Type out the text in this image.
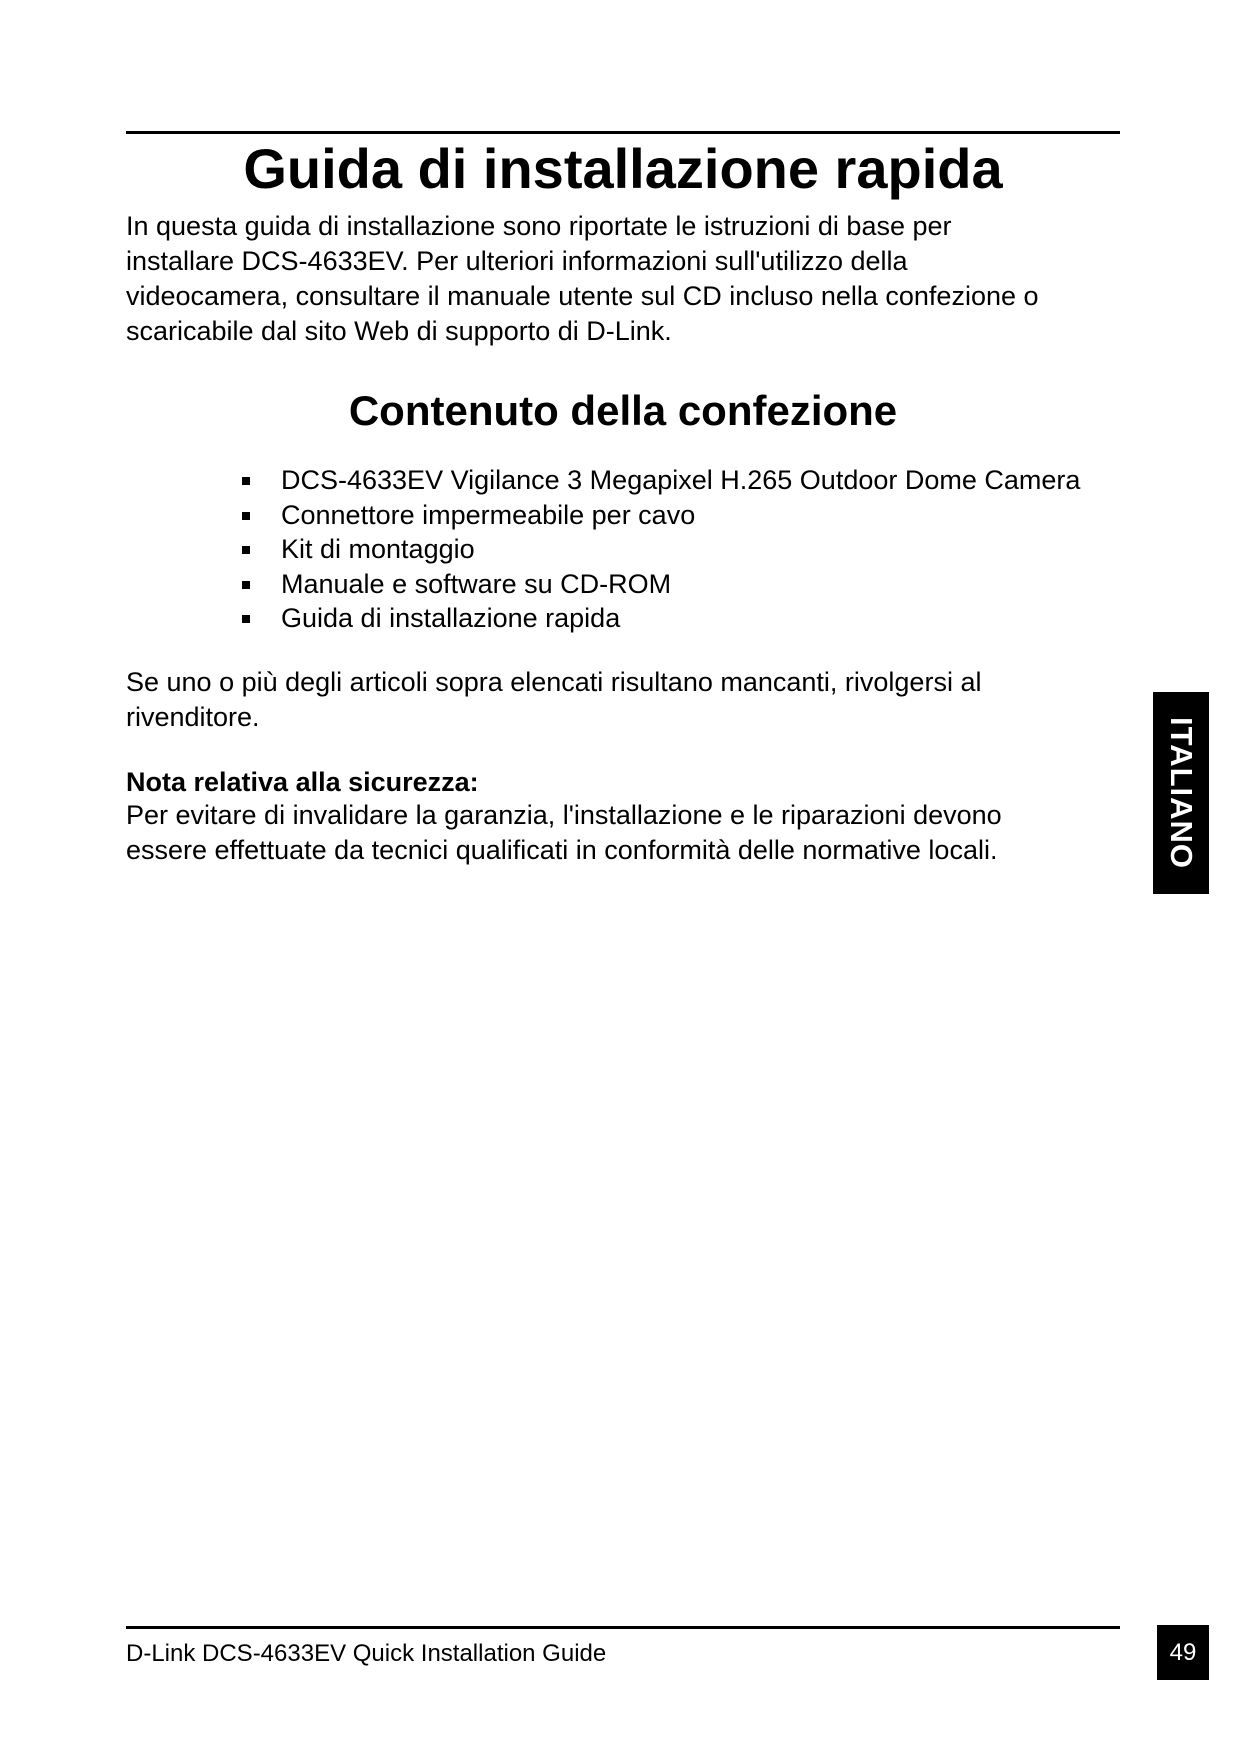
Guida di installazione rapida

In questa guida di installazione sono riportate le istruzioni di base per
installare DCS-4633EV. Per ulteriori informazioni sull'utilizzo della
videocamera, consultare il manuale utente sul CD incluso nella confezione o
scaricabile dal sito Web di supporto di D-Link.

Contenuto della confezione
DCS-4633EV Vigilance 3 Megapixel H.265 Outdoor Dome Camera
Connettore impermeabile per cavo
Kit di montaggio
Manuale e software su CD-ROM
Guida di installazione rapida

Se uno o più degli articoli sopra elencati risultano mancanti, rivolgersi al
rivenditore.

Nota relativa alla sicurezza:

Per evitare di invalidare la garanzia, l'installazione e le riparazioni devono
essere effettuate da tecnici qualificati in conformità delle normative locali.	ITALIANO

D-Link DCS-4633EV Quick Installation Guide	49
